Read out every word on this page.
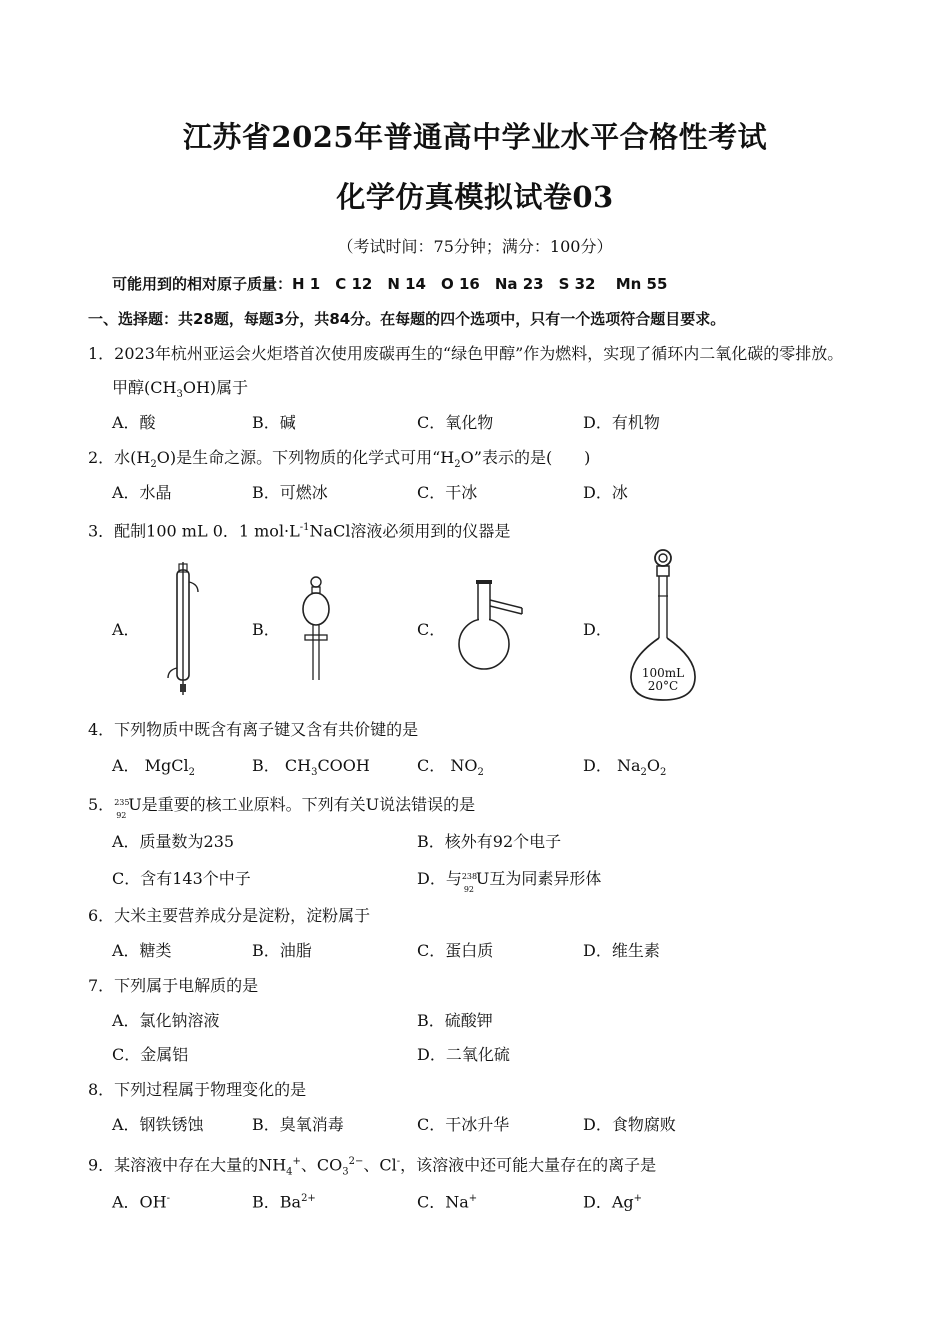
江苏省2025年普通高中学业水平合格性考试
化学仿真模拟试卷03
（考试时间：75分钟；满分：100分）
可能用到的相对原子质量：H 1　C 12　N 14　O 16　Na 23　S 32　 Mn 55
一、选择题：共28题，每题3分，共84分。在每题的四个选项中，只有一个选项符合题目要求。
1．2023年杭州亚运会火炬塔首次使用废碳再生的“绿色甲醇”作为燃料，实现了循环内二氧化碳的零排放。
甲醇$(CH_3OH)$属于
A．酸	B．碱	C．氧化物	D．有机物
2．水$(H_2O)$是生命之源。下列物质的化学式可用“$H_2O$”表示的是(　　)
A．水晶	B．可燃冰	C．干冰	D．冰
3．配制100 mL 0．1 $mol\cdot L^{-1}NaCl$溶液必须用到的仪器是
A．	B．	C．	D．
100mL
20°C
4．下列物质中既含有离子键又含有共价键的是
A． MgCl$_2$	B． $CH_3COOH$	C． $NO_2$	D． $Na_2O_2$
5． 235
92
U是重要的核工业原料。下列有关U说法错误的是
A．质量数为235	B．核外有92个电子
C．含有143个中子	D．与 238
92
U互为同素异形体
6．大米主要营养成分是淀粉，淀粉属于
A．糖类	B．油脂	C．蛋白质	D．维生素
7．下列属于电解质的是
A．氯化钠溶液	B．硫酸钾
C．金属铝	D．二氧化硫
8．下列过程属于物理变化的是
A．钢铁锈蚀	B．臭氧消毒	C．干冰升华	D．食物腐败
9．某溶液中存在大量的$NH_4^+$、$CO_3^{2-}$、Cl-，该溶液中还可能大量存在的离子是
A．OH-	B．$Ba^{2+}$	C．Na+	D．Ag+
